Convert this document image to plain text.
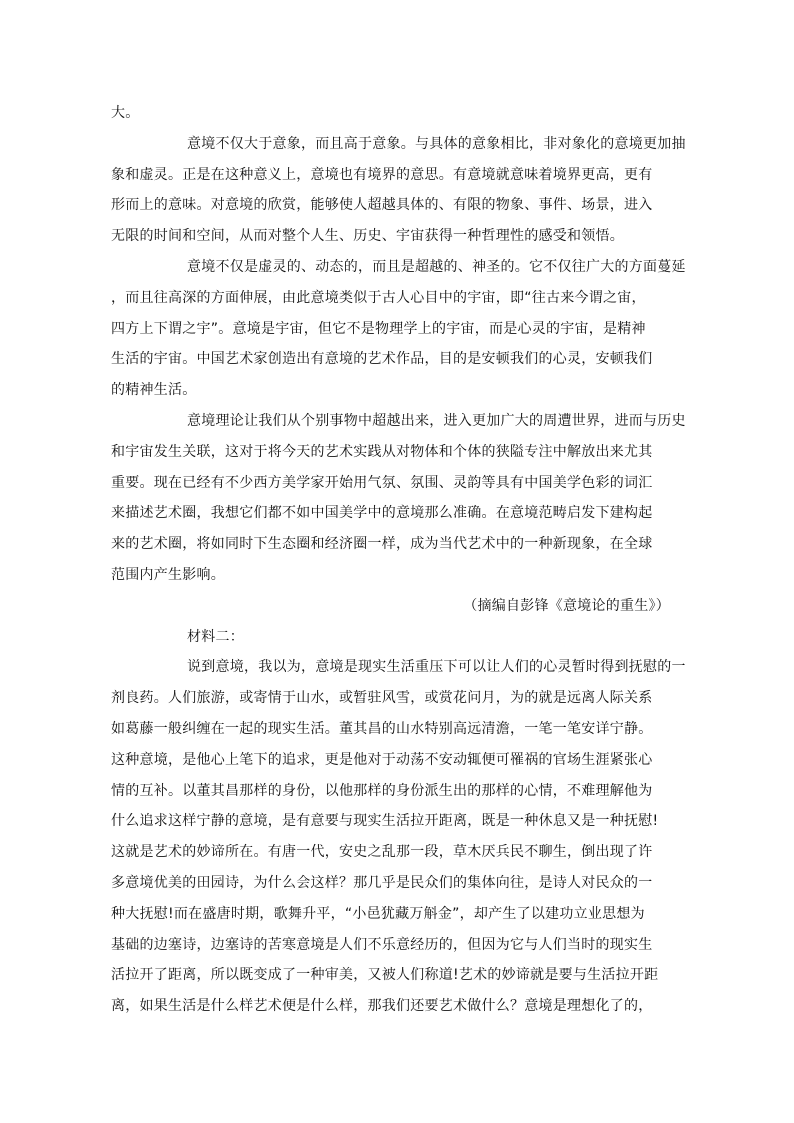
大。
意境不仅大于意象，而且高于意象。与具体的意象相比，非对象化的意境更加抽
象和虚灵。正是在这种意义上，意境也有境界的意思。有意境就意味着境界更高，更有
形而上的意味。对意境的欣赏，能够使人超越具体的、有限的物象、事件、场景，进入
无限的时间和空间，从而对整个人生、历史、宇宙获得一种哲理性的感受和领悟。
意境不仅是虚灵的、动态的，而且是超越的、神圣的。它不仅往广大的方面蔓延
，而且往高深的方面伸展，由此意境类似于古人心目中的宇宙，即“往古来今谓之宙，
四方上下谓之宇”。意境是宇宙，但它不是物理学上的宇宙，而是心灵的宇宙，是精神
生活的宇宙。中国艺术家创造出有意境的艺术作品，目的是安顿我们的心灵，安顿我们
的精神生活。
意境理论让我们从个别事物中超越出来，进入更加广大的周遭世界，进而与历史
和宇宙发生关联，这对于将今天的艺术实践从对物体和个体的狭隘专注中解放出来尤其
重要。现在已经有不少西方美学家开始用气氛、氛围、灵韵等具有中国美学色彩的词汇
来描述艺术圈，我想它们都不如中国美学中的意境那么准确。在意境范畴启发下建构起
来的艺术圈，将如同时下生态圈和经济圈一样，成为当代艺术中的一种新现象，在全球
范围内产生影响。
（摘编自彭锋《意境论的重生》）
材料二：
说到意境，我以为，意境是现实生活重压下可以让人们的心灵暂时得到抚慰的一
剂良药。人们旅游，或寄情于山水，或暂驻风雪，或赏花问月，为的就是远离人际关系
如葛藤一般纠缠在一起的现实生活。董其昌的山水特别高远清澹，一笔一笔安详宁静。
这种意境，是他心上笔下的追求，更是他对于动荡不安动辄便可罹祸的官场生涯紧张心
情的互补。以董其昌那样的身份，以他那样的身份派生出的那样的心情，不难理解他为
什么追求这样宁静的意境，是有意要与现实生活拉开距离，既是一种休息又是一种抚慰!
这就是艺术的妙谛所在。有唐一代，安史之乱那一段，草木厌兵民不聊生，倒出现了许
多意境优美的田园诗，为什么会这样？那几乎是民众们的集体向往，是诗人对民众的一
种大抚慰!而在盛唐时期，歌舞升平，“小邑犹藏万斛金”，却产生了以建功立业思想为
基础的边塞诗，边塞诗的苦寒意境是人们不乐意经历的，但因为它与人们当时的现实生
活拉开了距离，所以既变成了一种审美，又被人们称道!艺术的妙谛就是要与生活拉开距
离，如果生活是什么样艺术便是什么样，那我们还要艺术做什么？意境是理想化了的，
